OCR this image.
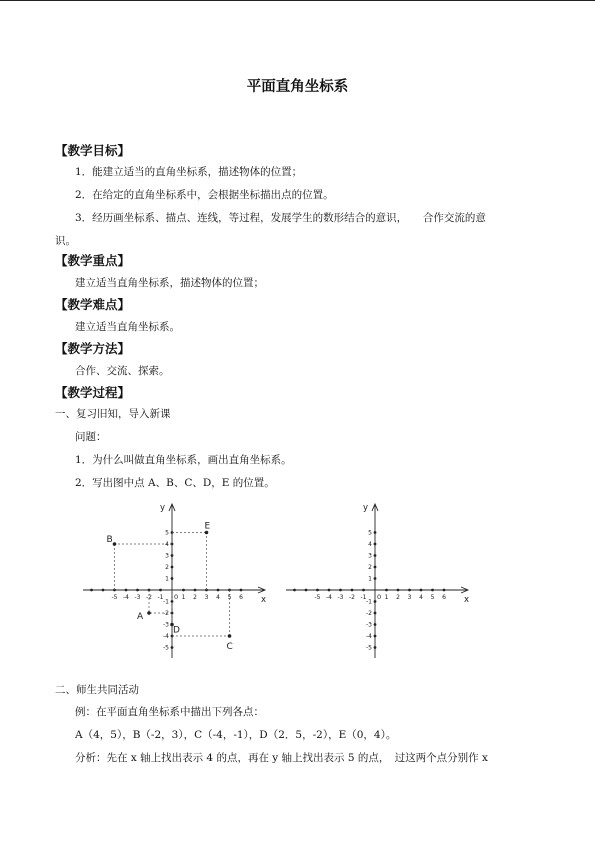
平面直角坐标系
【教学目标】
1．能建立适当的直角坐标系，描述物体的位置；
2．在给定的直角坐标系中，会根据坐标描出点的位置。
3．经历画坐标系、描点、连线，等过程，发展学生的数形结合的意识，　　合作交流的意
识。
【教学重点】
建立适当直角坐标系，描述物体的位置；
【教学难点】
建立适当直角坐标系。
【教学方法】
合作、交流、探索。
【教学过程】
一、复习旧知，导入新课
问题：
1．为什么叫做直角坐标系，画出直角坐标系。
2．写出图中点 A、B、C、D，E 的位置。
x
y
0
-5 -4 -3 -2 -1	1 2 3 4 5 6
5
4
3
2
1
-1
-2
-3
-4
-5
B
E
A
D
C
x
y
0
-5 -4 -3 -2 -1	1 2 3 4 5 6
5
4
3
2
1
-1
-2
-3
-4
-5
二、师生共同活动
例：在平面直角坐标系中描出下列各点：
A（4，5），B（-2，3），C（-4，-1），D（2．5，-2），E（0，4）。
分析：先在 x 轴上找出表示 4 的点，再在 y 轴上找出表示 5 的点，　过这两个点分别作 x
